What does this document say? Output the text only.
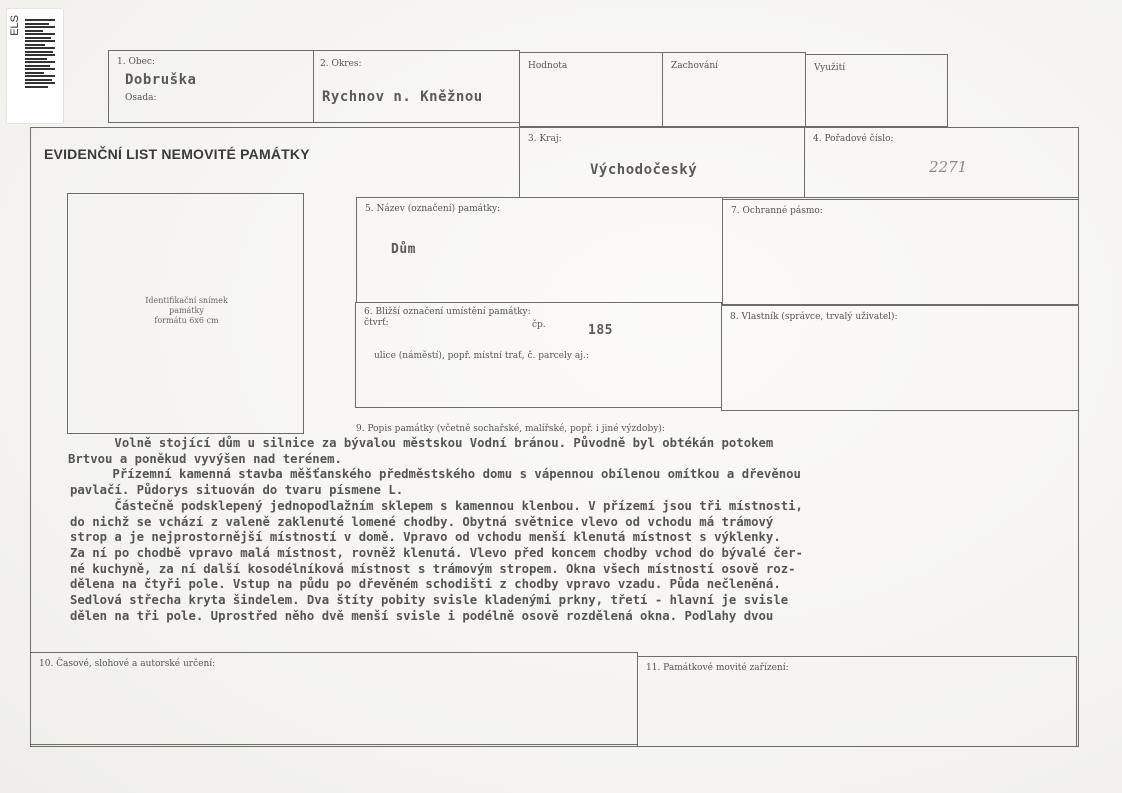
ELS
1. Obec:
Dobruška
Osada:
2. Okres:
Rychnov n. Kněžnou
Hodnota	Zachování	Využití
EVIDENČNÍ LIST NEMOVITÉ PAMÁTKY
3. Kraj:
Východočeský
4. Pořadové číslo:
2271
Identifikační snímek
památky
formátu 6x6 cm
5. Název (označení) památky:
Dům
7. Ochranné pásmo:
6. Bližší označení umístění památky:
čtvrť:	čp.	185
ulice (náměstí), popř. místní trať, č. parcely aj.:
8. Vlastník (správce, trvalý uživatel):
9. Popis památky (včetně sochařské, malířské, popř. i jiné výzdoby):
Volně stojící dům u silnice za bývalou městskou Vodní bránou. Původně byl obtékán potokem
Brtvou a poněkud vyvýšen nad terénem.
Přízemní kamenná stavba měšťanského předměstského domu s vápennou obílenou omítkou a dřevěnou
pavlačí. Půdorys situován do tvaru písmene L.
Částečně podsklepený jednopodlažním sklepem s kamennou klenbou. V přízemí jsou tři místnosti,
do nichž se vchází z valeně zaklenuté lomené chodby. Obytná světnice vlevo od vchodu má trámový
strop a je nejprostornější místností v domě. Vpravo od vchodu menší klenutá místnost s výklenky.
Za ní po chodbě vpravo malá místnost, rovněž klenutá. Vlevo před koncem chodby vchod do bývalé čer-
né kuchyně, za ní další kosodélníková místnost s trámovým stropem. Okna všech místností osově roz-
dělena na čtyři pole. Vstup na půdu po dřevěném schodišti z chodby vpravo vzadu. Půda nečleněná.
Sedlová střecha kryta šindelem. Dva štíty pobity svisle kladenými prkny, třetí - hlavní je svisle
dělen na tři pole. Uprostřed něho dvě menší svisle i podélně osově rozdělená okna. Podlahy dvou
10. Časové, slohové a autorské určení:	11. Památkové movité zařízení:
